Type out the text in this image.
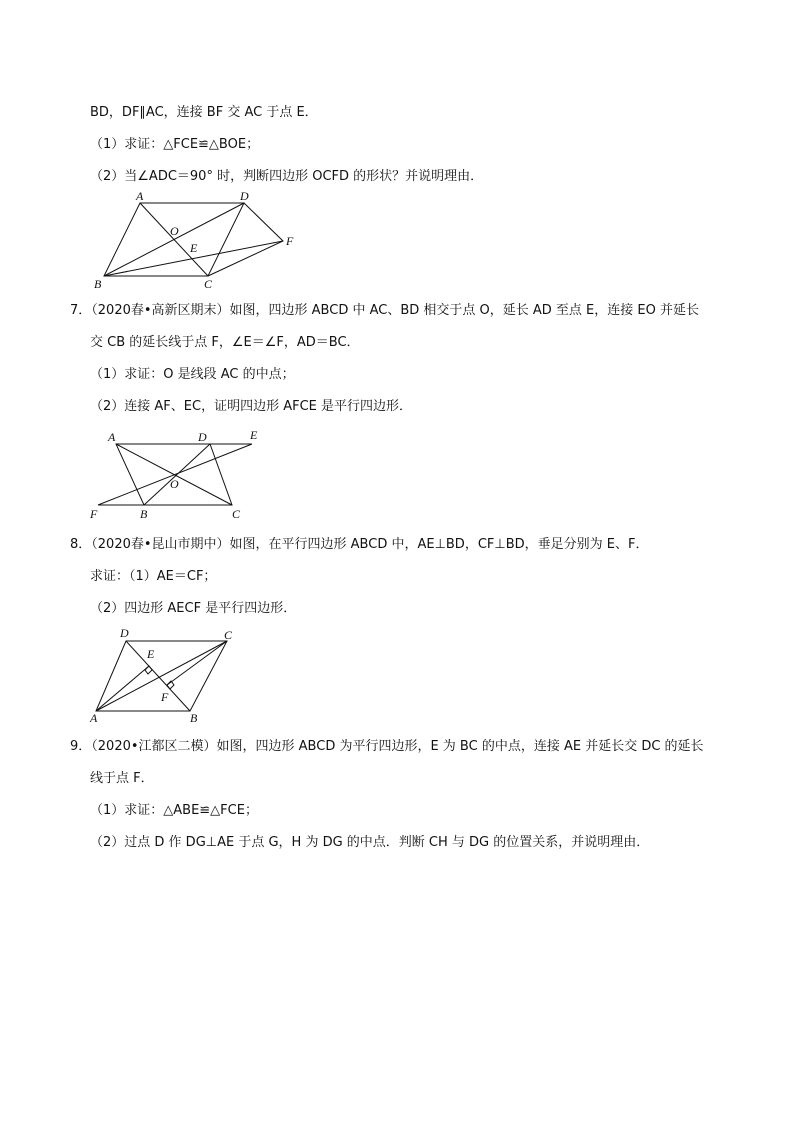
BD，DF∥AC，连接 BF 交 AC 于点 E．
（1）求证：△FCE≌△BOE；
（2）当∠ADC＝90° 时，判断四边形 OCFD 的形状？并说明理由．
A	D
O
E	F
B	C
7．（2020春•高新区期末）如图，四边形 ABCD 中 AC、BD 相交于点 O，延长 AD 至点 E，连接 EO 并延长
交 CB 的延长线于点 F，∠E＝∠F，AD＝BC．
（1）求证：O 是线段 AC 的中点；
（2）连接 AF、EC，证明四边形 AFCE 是平行四边形．
A	D	E
O
F	B	C
8．（2020春•昆山市期中）如图，在平行四边形 ABCD 中，AE⊥BD，CF⊥BD，垂足分别为 E、F．
求证：（1）AE＝CF；
（2）四边形 AECF 是平行四边形．
D	C
E
F
A	B
9．（2020•江都区二模）如图，四边形 ABCD 为平行四边形，E 为 BC 的中点，连接 AE 并延长交 DC 的延长
线于点 F．
（1）求证：△ABE≌△FCE；
（2）过点 D 作 DG⊥AE 于点 G，H 为 DG 的中点．判断 CH 与 DG 的位置关系，并说明理由．
